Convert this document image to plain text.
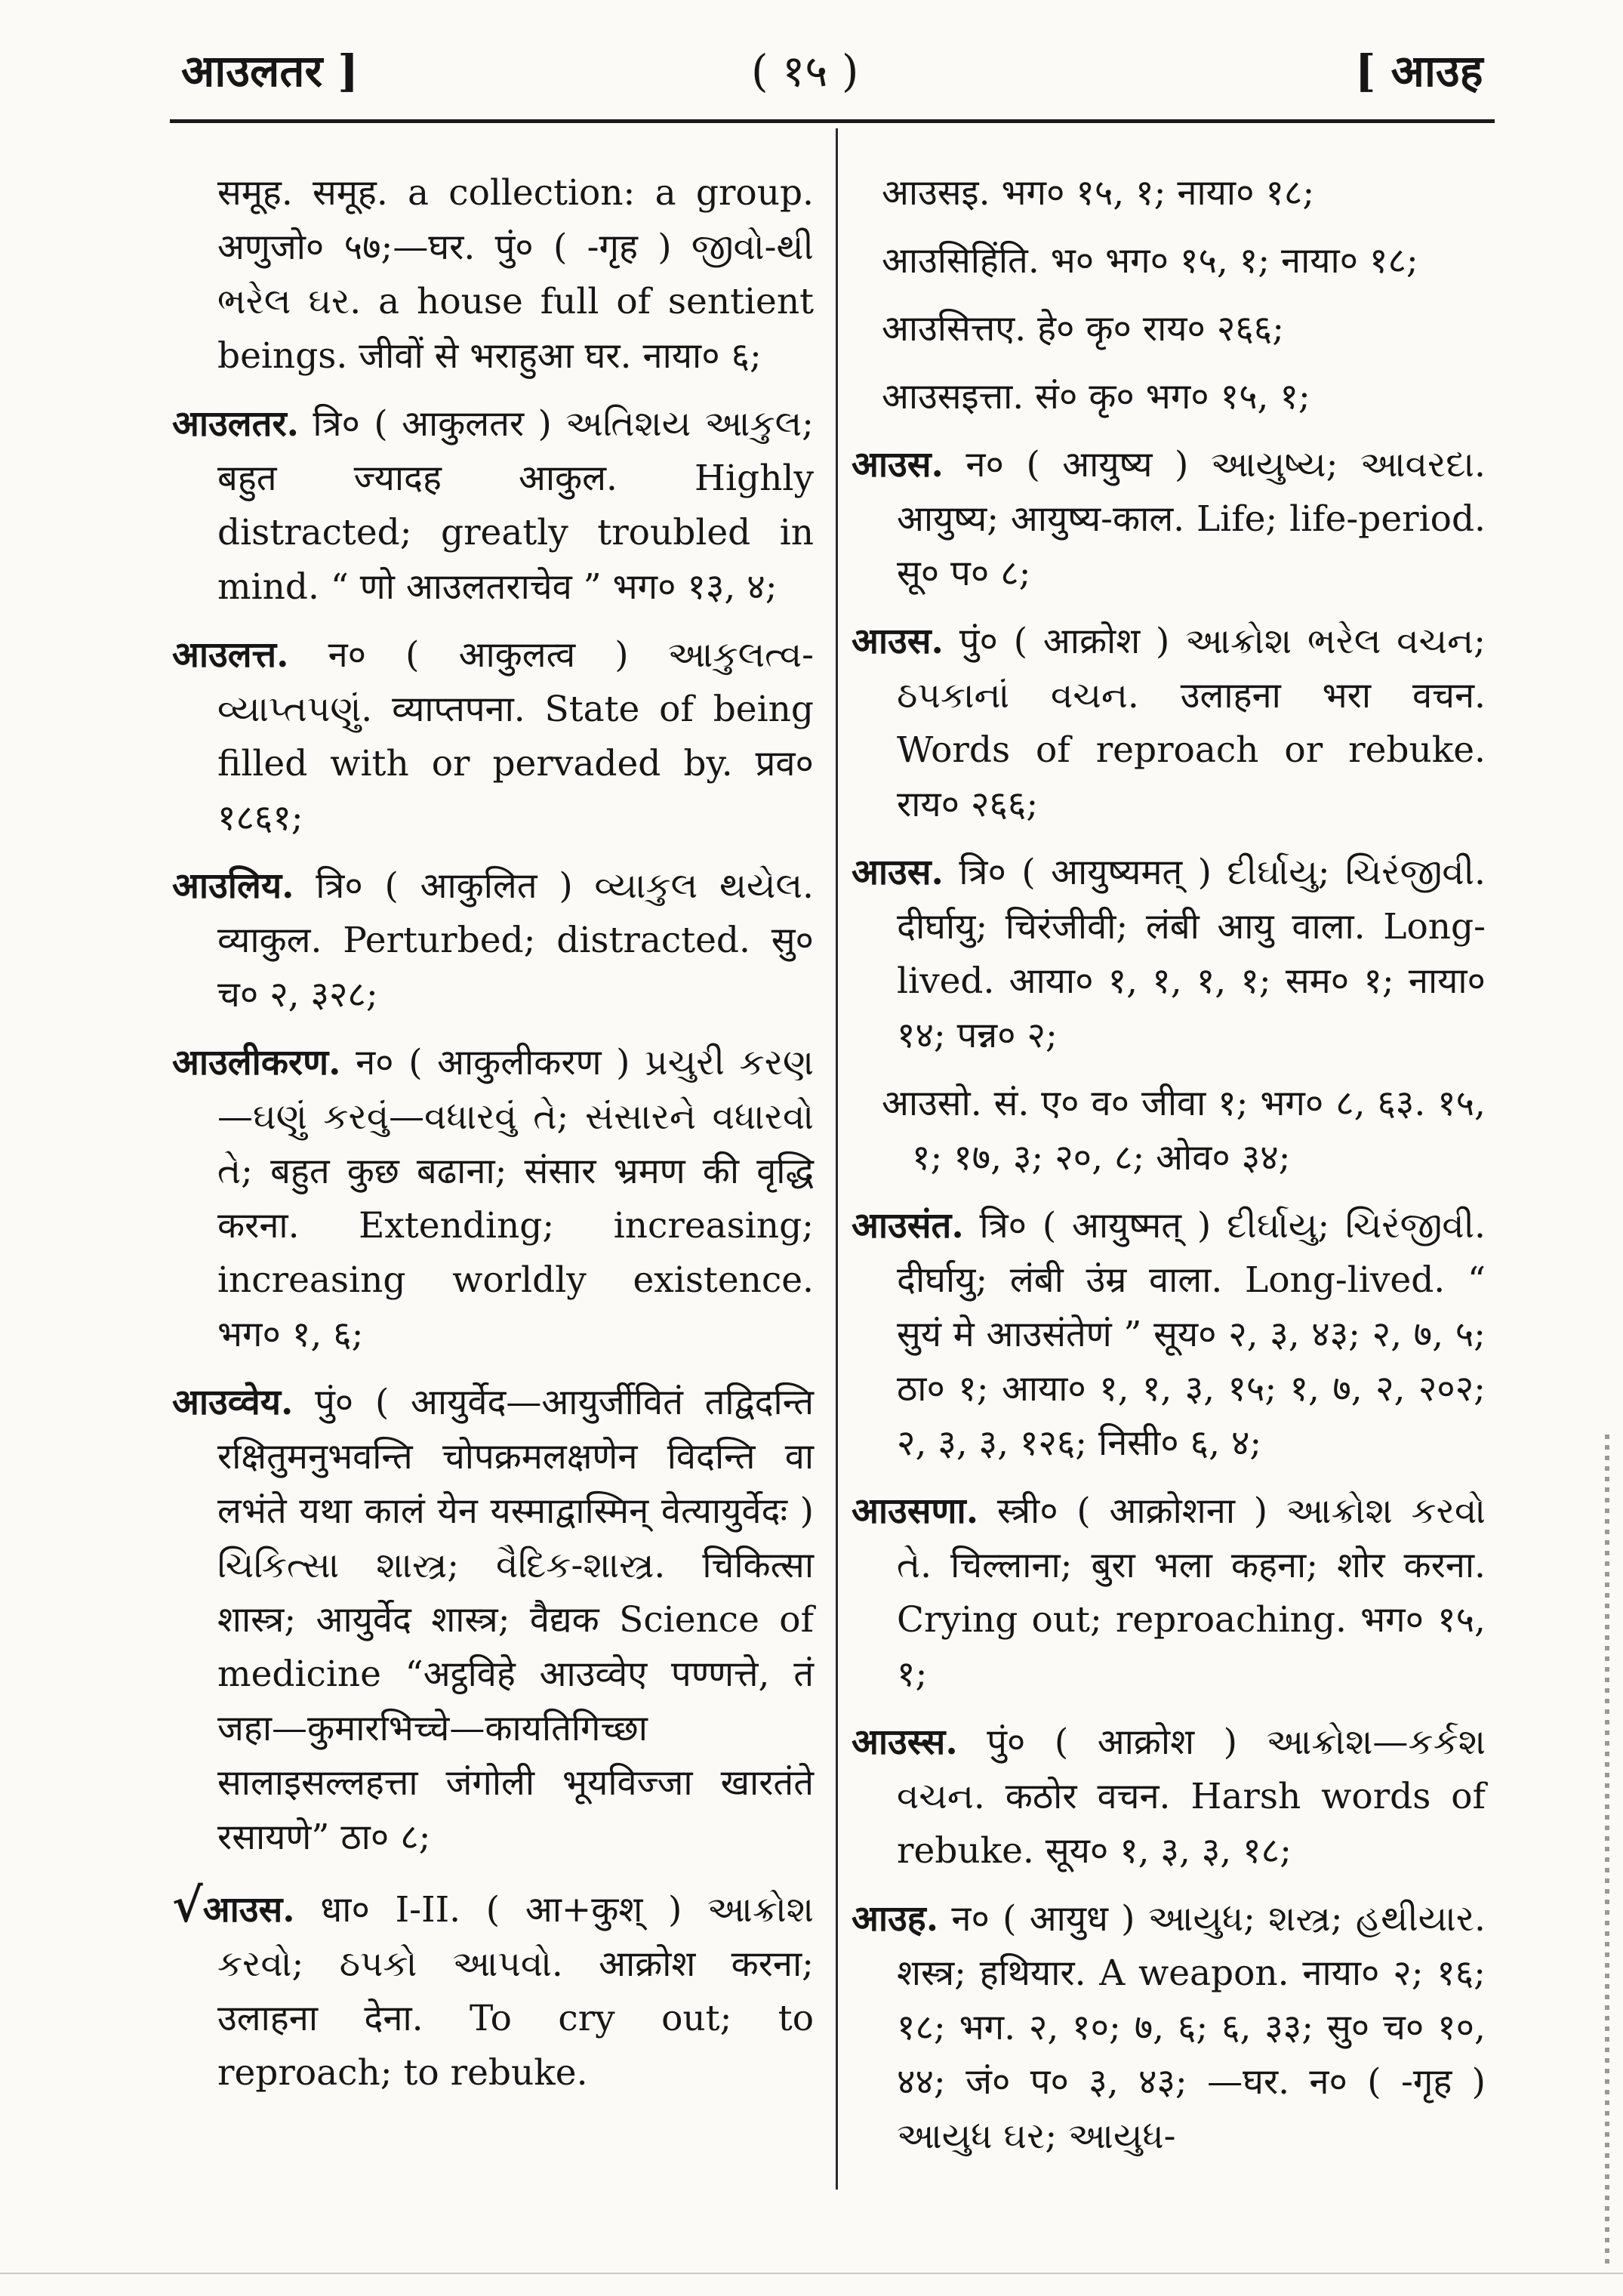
आउलतर ]	( १५ )	[ आउह

समूह. समूह. a collection: a group. अणुजो० ५७;—घर. पुं० ( -गृह ) જીવો-થી ભરેલ ઘર. a house full of sentient beings. जीवों से भराहुआ घर. नाया० ६;

आउलतर. त्रि० ( आकुलतर ) અતિશય આકુલ; बहुत ज्यादह आकुल. Highly distracted; greatly troubled in mind. “ णो आउलतराचेव ” भग० १३, ४;

आउलत्त. न० ( आकुलत्व ) આકુલત્વ-વ્યાપ્તપણું. व्याप्तपना. State of being filled with or pervaded by. प्रव० १८६१;

आउलिय. त्रि० ( आकुलित ) વ્યાકુલ થયેલ. व्याकुल. Perturbed; distracted. सु० च० २, ३२८;

आउलीकरण. न० ( आकुलीकरण ) પ્રચુરી કરણ—ઘણું કરવું—વધારવું તે; સંસારને વધારવો તે; बहुत कुछ बढाना; संसार भ्रमण की वृद्धि करना. Extending; increasing; increasing worldly existence. भग० १, ६;

आउव्वेय. पुं० ( आयुर्वेद—आयुर्जीवितं तद्विदन्ति रक्षितुमनुभवन्ति चोपक्रमलक्षणेन विदन्ति वा लभंते यथा कालं येन यस्माद्वास्मिन् वेत्यायुर्वेदः ) ચિકિત્સા શાસ્ત્ર; વૈદિક-શાસ્ત્ર. चिकित्सा शास्त्र; आयुर्वेद शास्त्र; वैद्यक Science of medicine “अट्ठविहे आउव्वेए पण्णत्ते, तं जहा—कुमारभिच्चे—कायतिगिच्छा सालाइसल्लहत्ता जंगोली भूयविज्जा खारतंते रसायणे” ठा० ८;

√आउस. धा० I-II. ( आ+कुश् ) આક્રોશ કરવો; ઠપકો આપવો. आक्रोश करना; उलाहना देना. To cry out; to reproach; to rebuke.

आउसइ. भग० १५, १; नाया० १८;

आउसिहिंति. भ० भग० १५, १; नाया० १८;

आउसित्तए. हे० कृ० राय० २६६;

आउसइत्ता. सं० कृ० भग० १५, १;

आउस. न० ( आयुष्य ) આયુષ્ય; આવરદા. आयुष्य; आयुष्य-काल. Life; life-period. सू० प० ८;

आउस. पुं० ( आक्रोश ) આક્રોશ ભરેલ વચન; ઠપકાનાં વચન. उलाहना भरा वचन. Words of reproach or rebuke. राय० २६६;

आउस. त्रि० ( आयुष्यमत् ) દીર્ઘાયુ; ચિરંજીવી. दीर्घायु; चिरंजीवी; लंबी आयु वाला. Long-lived. आया० १, १, १, १; सम० १; नाया० १४; पन्न० २;

आउसो. सं. ए० व० जीवा १; भग० ८, ६३. १५, १; १७, ३; २०, ८; ओव० ३४;

आउसंत. त्रि० ( आयुष्मत् ) દીર્ઘાયુ; ચિરંજીવી. दीर्घायु; लंबी उंम्र वाला. Long-lived. “ सुयं मे आउसंतेणं ” सूय० २, ३, ४३; २, ७, ५; ठा० १; आया० १, १, ३, १५; १, ७, २, २०२; २, ३, ३, १२६; निसी० ६, ४;

आउसणा. स्त्री० ( आक्रोशना ) આક્રોશ કરવો તે. चिल्लाना; बुरा भला कहना; शोर करना. Crying out; reproaching. भग० १५, १;

आउस्स. पुं० ( आक्रोश ) આક્રોશ—કર્કશ વચન. कठोर वचन. Harsh words of rebuke. सूय० १, ३, ३, १८;

आउह. न० ( आयुध ) આયુધ; શસ્ત્ર; હથીયાર. शस्त्र; हथियार. A weapon. नाया० २; १६; १८; भग. २, १०; ७, ६; ६, ३३; सु० च० १०, ४४; जं० प० ३, ४३; —घर. न० ( -गृह ) આયુધ ઘર; આયુધ-
